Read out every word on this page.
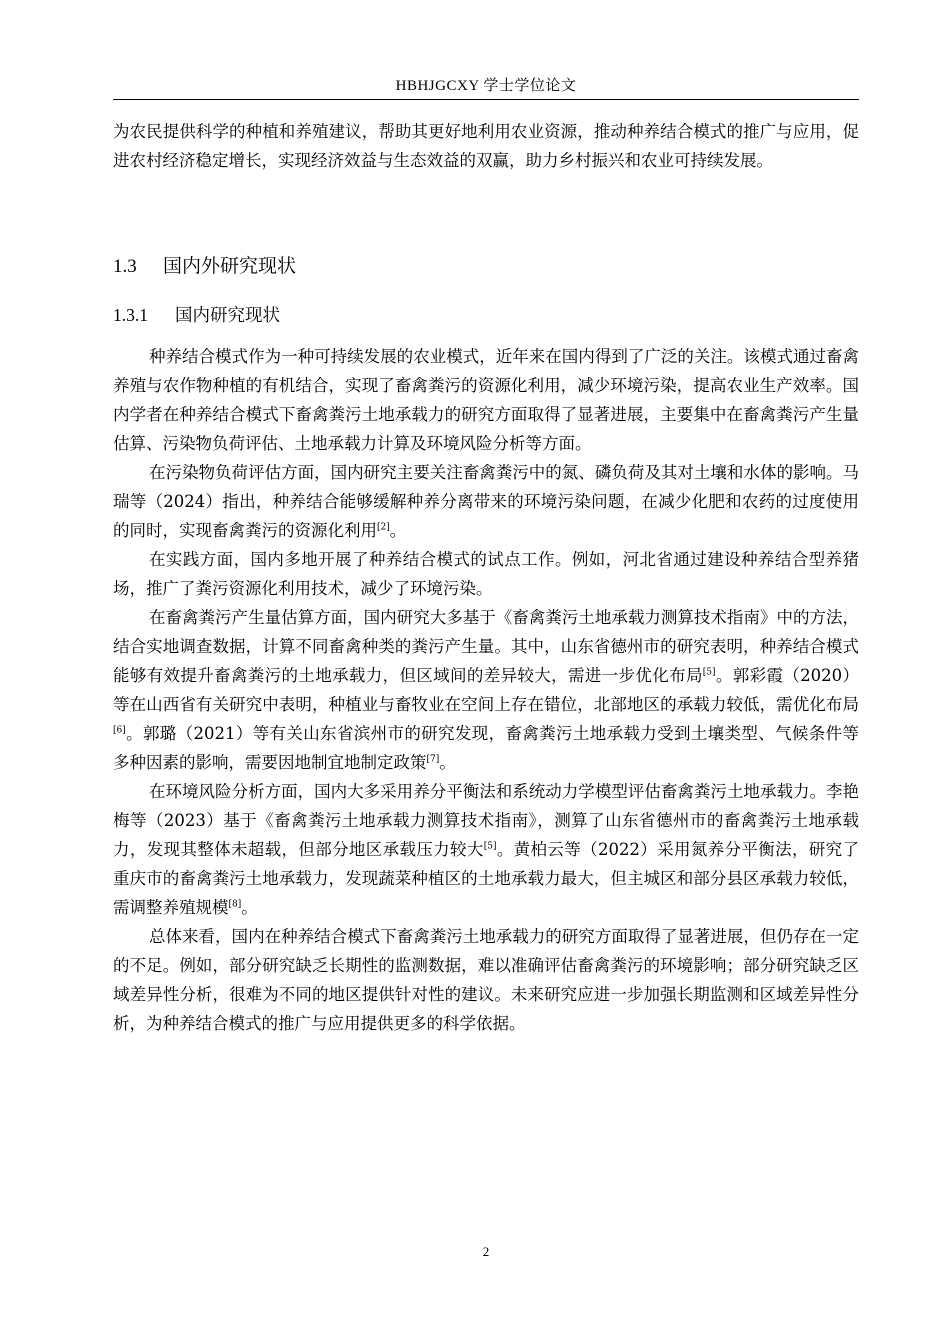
HBHJGCXY 学士学位论文

为农民提供科学的种植和养殖建议，帮助其更好地利用农业资源，推动种养结合模式的推广与应用，促进农村经济稳定增长，实现经济效益与生态效益的双赢，助力乡村振兴和农业可持续发展。

1.3 国内外研究现状
1.3.1 国内研究现状

种养结合模式作为一种可持续发展的农业模式，近年来在国内得到了广泛的关注。该模式通过畜禽养殖与农作物种植的有机结合，实现了畜禽粪污的资源化利用，减少环境污染，提高农业生产效率。国内学者在种养结合模式下畜禽粪污土地承载力的研究方面取得了显著进展，主要集中在畜禽粪污产生量估算、污染物负荷评估、土地承载力计算及环境风险分析等方面。

在污染物负荷评估方面，国内研究主要关注畜禽粪污中的氮、磷负荷及其对土壤和水体的影响。马瑞等（2024）指出，种养结合能够缓解种养分离带来的环境污染问题，在减少化肥和农药的过度使用的同时，实现畜禽粪污的资源化利用[2]。

在实践方面，国内多地开展了种养结合模式的试点工作。例如，河北省通过建设种养结合型养猪场，推广了粪污资源化利用技术，减少了环境污染。

在畜禽粪污产生量估算方面，国内研究大多基于《畜禽粪污土地承载力测算技术指南》中的方法，结合实地调查数据，计算不同畜禽种类的粪污产生量。其中，山东省德州市的研究表明，种养结合模式能够有效提升畜禽粪污的土地承载力，但区域间的差异较大，需进一步优化布局[5]。郭彩霞（2020）等在山西省有关研究中表明，种植业与畜牧业在空间上存在错位，北部地区的承载力较低，需优化布局[6]。郭璐（2021）等有关山东省滨州市的研究发现，畜禽粪污土地承载力受到土壤类型、气候条件等多种因素的影响，需要因地制宜地制定政策[7]。

在环境风险分析方面，国内大多采用养分平衡法和系统动力学模型评估畜禽粪污土地承载力。李艳梅等（2023）基于《畜禽粪污土地承载力测算技术指南》，测算了山东省德州市的畜禽粪污土地承载力，发现其整体未超载，但部分地区承载压力较大[5]。黄柏云等（2022）采用氮养分平衡法，研究了重庆市的畜禽粪污土地承载力，发现蔬菜种植区的土地承载力最大，但主城区和部分县区承载力较低，需调整养殖规模[8]。

总体来看，国内在种养结合模式下畜禽粪污土地承载力的研究方面取得了显著进展，但仍存在一定的不足。例如，部分研究缺乏长期性的监测数据，难以准确评估畜禽粪污的环境影响；部分研究缺乏区域差异性分析，很难为不同的地区提供针对性的建议。未来研究应进一步加强长期监测和区域差异性分析，为种养结合模式的推广与应用提供更多的科学依据。

2
